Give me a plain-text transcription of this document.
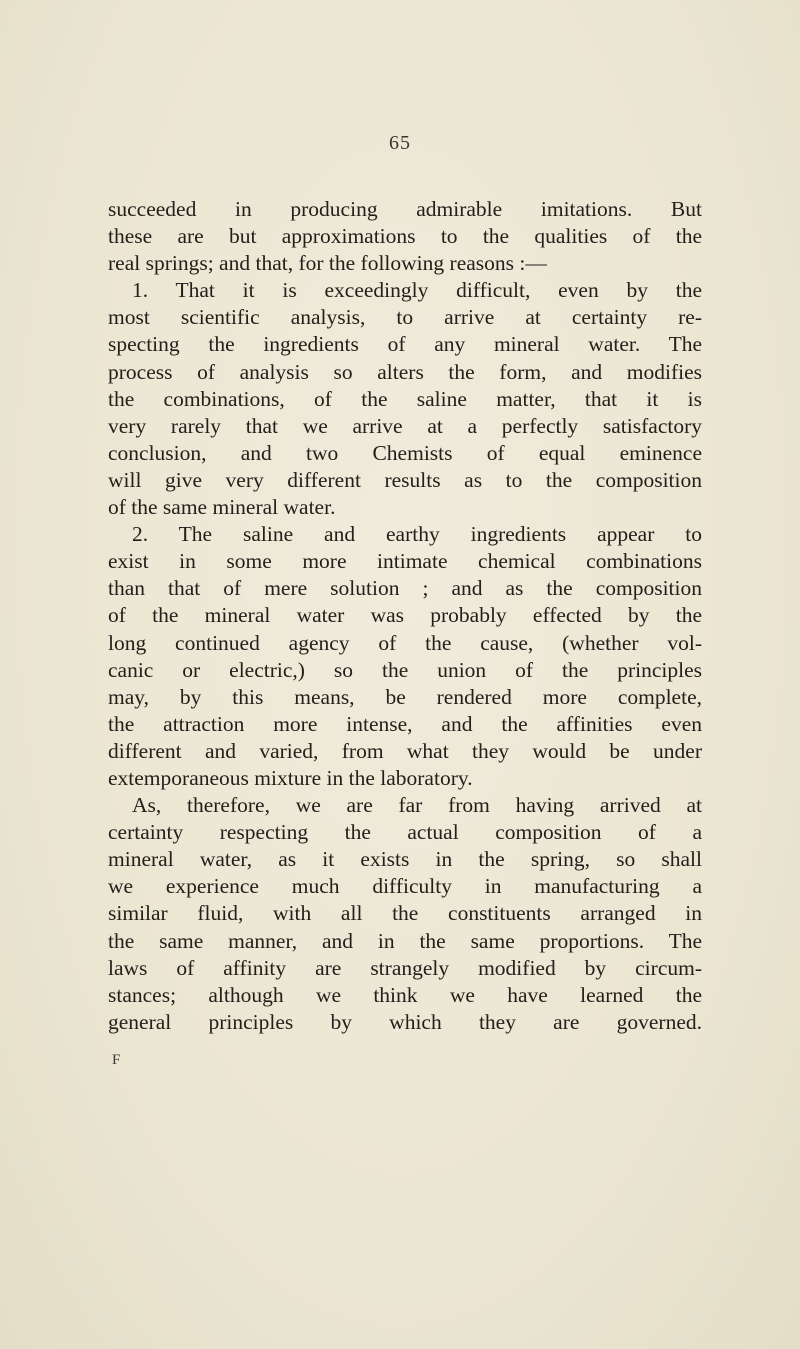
65
succeeded in producing admirable imitations. But
these are but approximations to the qualities of the
real springs; and that, for the following reasons :—
1. That it is exceedingly difficult, even by the
most scientific analysis, to arrive at certainty re-
specting the ingredients of any mineral water. The
process of analysis so alters the form, and modifies
the combinations, of the saline matter, that it is
very rarely that we arrive at a perfectly satisfactory
conclusion, and two Chemists of equal eminence
will give very different results as to the composition
of the same mineral water.
2. The saline and earthy ingredients appear to
exist in some more intimate chemical combinations
than that of mere solution ; and as the composition
of the mineral water was probably effected by the
long continued agency of the cause, (whether vol-
canic or electric,) so the union of the principles
may, by this means, be rendered more complete,
the attraction more intense, and the affinities even
different and varied, from what they would be under
extemporaneous mixture in the laboratory.
As, therefore, we are far from having arrived at
certainty respecting the actual composition of a
mineral water, as it exists in the spring, so shall
we experience much difficulty in manufacturing a
similar fluid, with all the constituents arranged in
the same manner, and in the same proportions. The
laws of affinity are strangely modified by circum-
stances; although we think we have learned the
general principles by which they are governed.
F
